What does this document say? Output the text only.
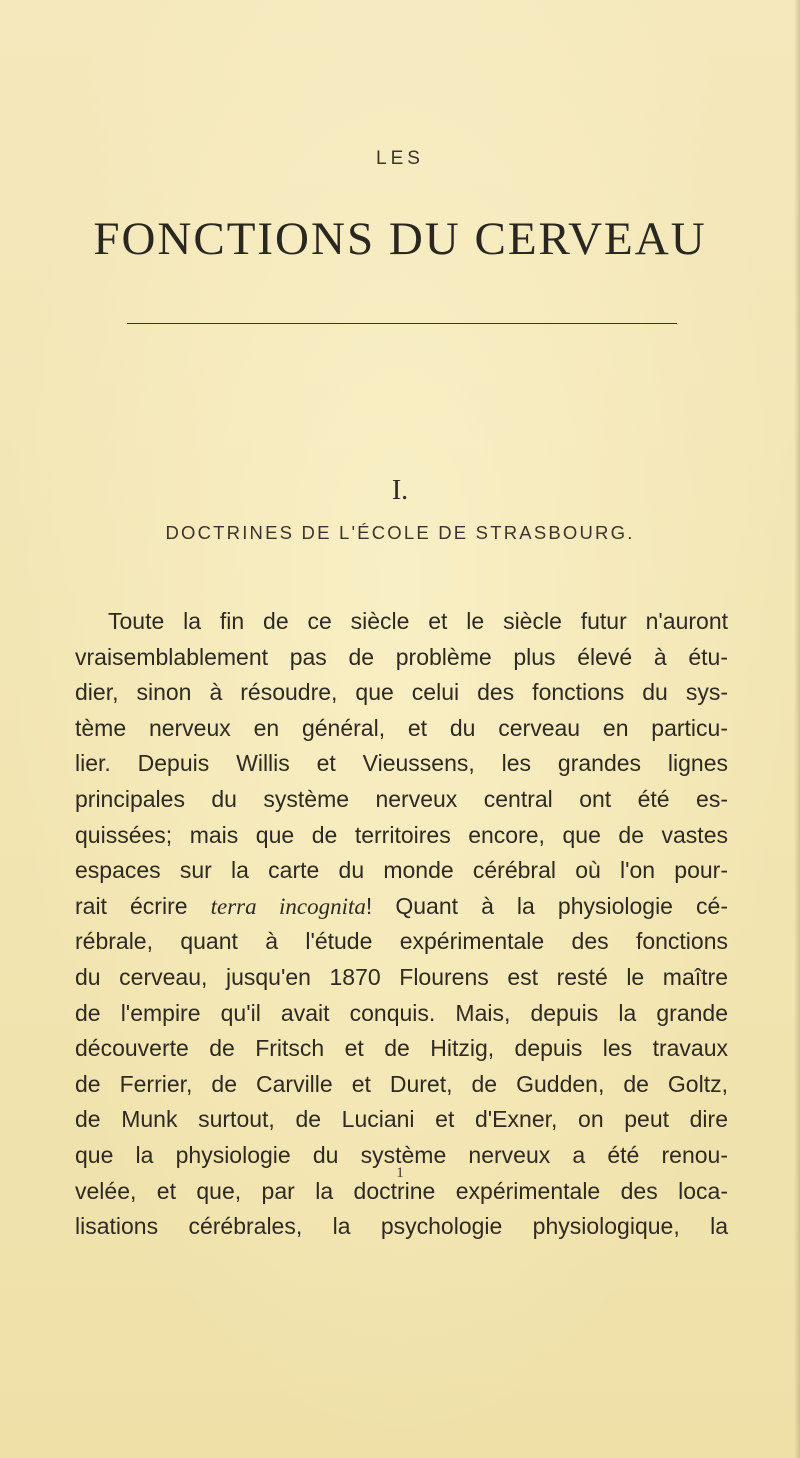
LES
FONCTIONS DU CERVEAU
I.
DOCTRINES DE L'ÉCOLE DE STRASBOURG.
Toute la fin de ce siècle et le siècle futur n'auront
vraisemblablement pas de problème plus élevé à étu-
dier, sinon à résoudre, que celui des fonctions du sys-
tème nerveux en général, et du cerveau en particu-
lier. Depuis Willis et Vieussens, les grandes lignes
principales du système nerveux central ont été es-
quissées; mais que de territoires encore, que de vastes
espaces sur la carte du monde cérébral où l'on pour-
rait écrire terra incognita! Quant à la physiologie cé-
rébrale, quant à l'étude expérimentale des fonctions
du cerveau, jusqu'en 1870 Flourens est resté le maître
de l'empire qu'il avait conquis. Mais, depuis la grande
découverte de Fritsch et de Hitzig, depuis les travaux
de Ferrier, de Carville et Duret, de Gudden, de Goltz,
de Munk surtout, de Luciani et d'Exner, on peut dire
que la physiologie du système nerveux a été renou-
velée, et que, par la doctrine expérimentale des loca-
lisations cérébrales, la psychologie physiologique, la
1
